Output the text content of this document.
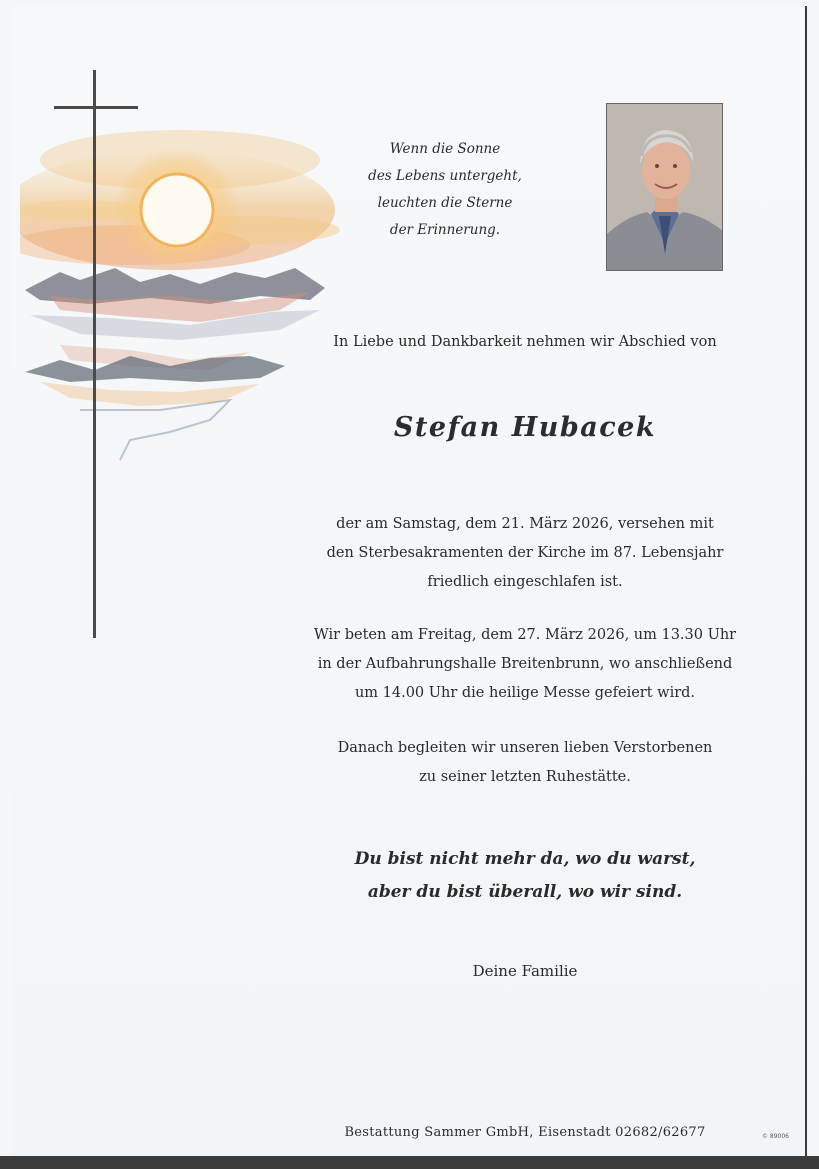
Wenn die Sonne
des Lebens untergeht,
leuchten die Sterne
der Erinnerung.
In Liebe und Dankbarkeit nehmen wir Abschied von
Stefan Hubacek
der am Samstag, dem 21. März 2026, versehen mit
den Sterbesakramenten der Kirche im 87. Lebensjahr
friedlich eingeschlafen ist.
Wir beten am Freitag, dem 27. März 2026, um 13.30 Uhr
in der Aufbahrungshalle Breitenbrunn, wo anschließend
um 14.00 Uhr die heilige Messe gefeiert wird.
Danach begleiten wir unseren lieben Verstorbenen
zu seiner letzten Ruhestätte.
Du bist nicht mehr da, wo du warst,
aber du bist überall, wo wir sind.
Deine Familie
Bestattung Sammer GmbH, Eisenstadt 02682/62677	© 89006
